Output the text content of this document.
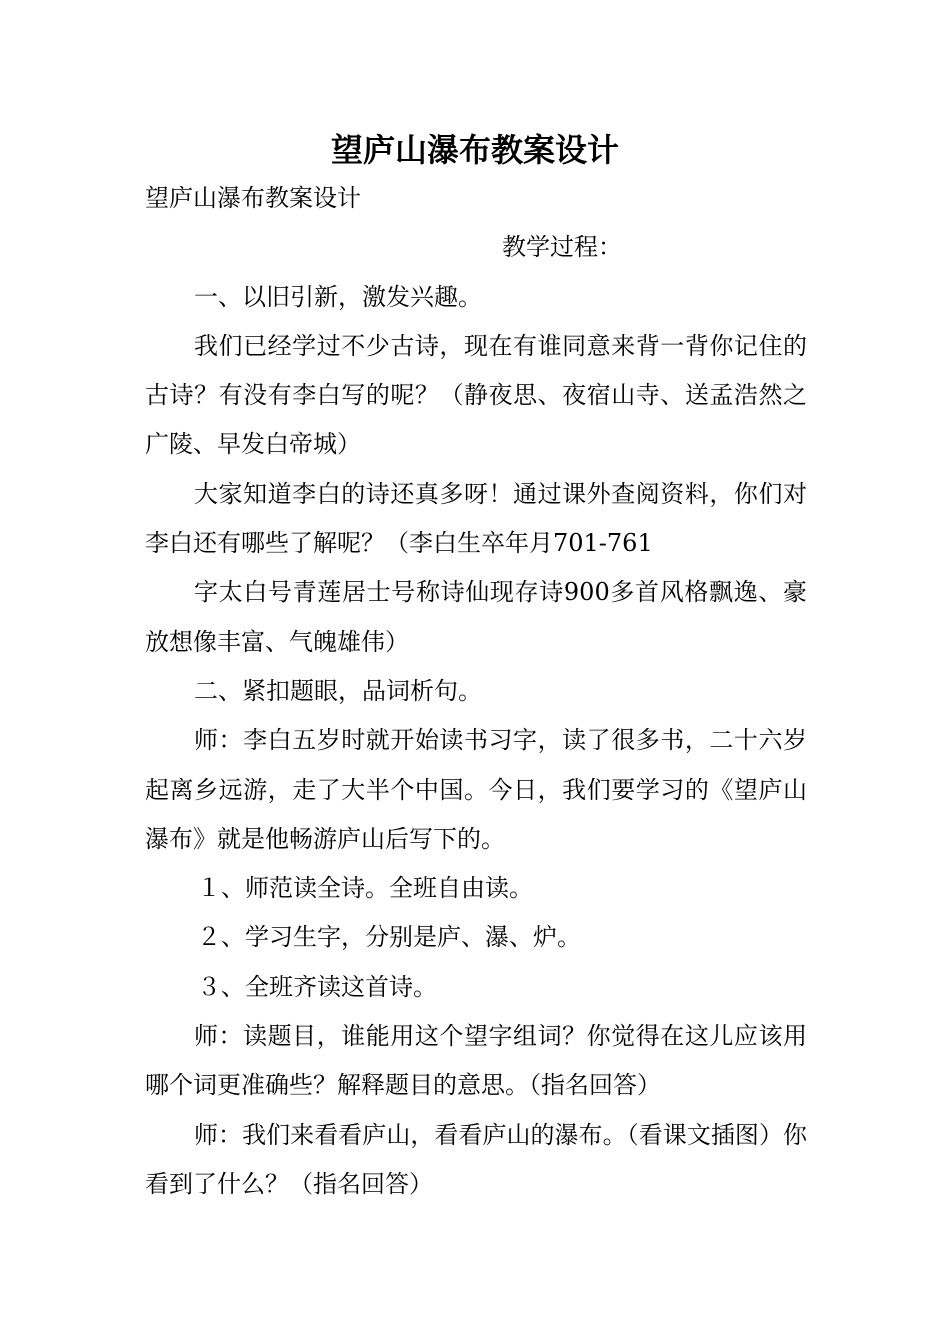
望庐山瀑布教案设计

望庐山瀑布教案设计

教学过程：

一、以旧引新，激发兴趣。

我们已经学过不少古诗，现在有谁同意来背一背你记住的古诗？有没有李白写的呢？（静夜思、夜宿山寺、送孟浩然之广陵、早发白帝城）

大家知道李白的诗还真多呀！通过课外查阅资料，你们对李白还有哪些了解呢？（李白生卒年月701-761

字太白号青莲居士号称诗仙现存诗900多首风格飘逸、豪放想像丰富、气魄雄伟）

二、紧扣题眼，品词析句。

师：李白五岁时就开始读书习字，读了很多书，二十六岁起离乡远游，走了大半个中国。今日，我们要学习的《望庐山瀑布》就是他畅游庐山后写下的。

１、师范读全诗。全班自由读。

２、学习生字，分别是庐、瀑、炉。

３、全班齐读这首诗。

师：读题目，谁能用这个望字组词？你觉得在这儿应该用哪个词更准确些？解释题目的意思。（指名回答）

师：我们来看看庐山，看看庐山的瀑布。（看课文插图）你看到了什么？（指名回答）
